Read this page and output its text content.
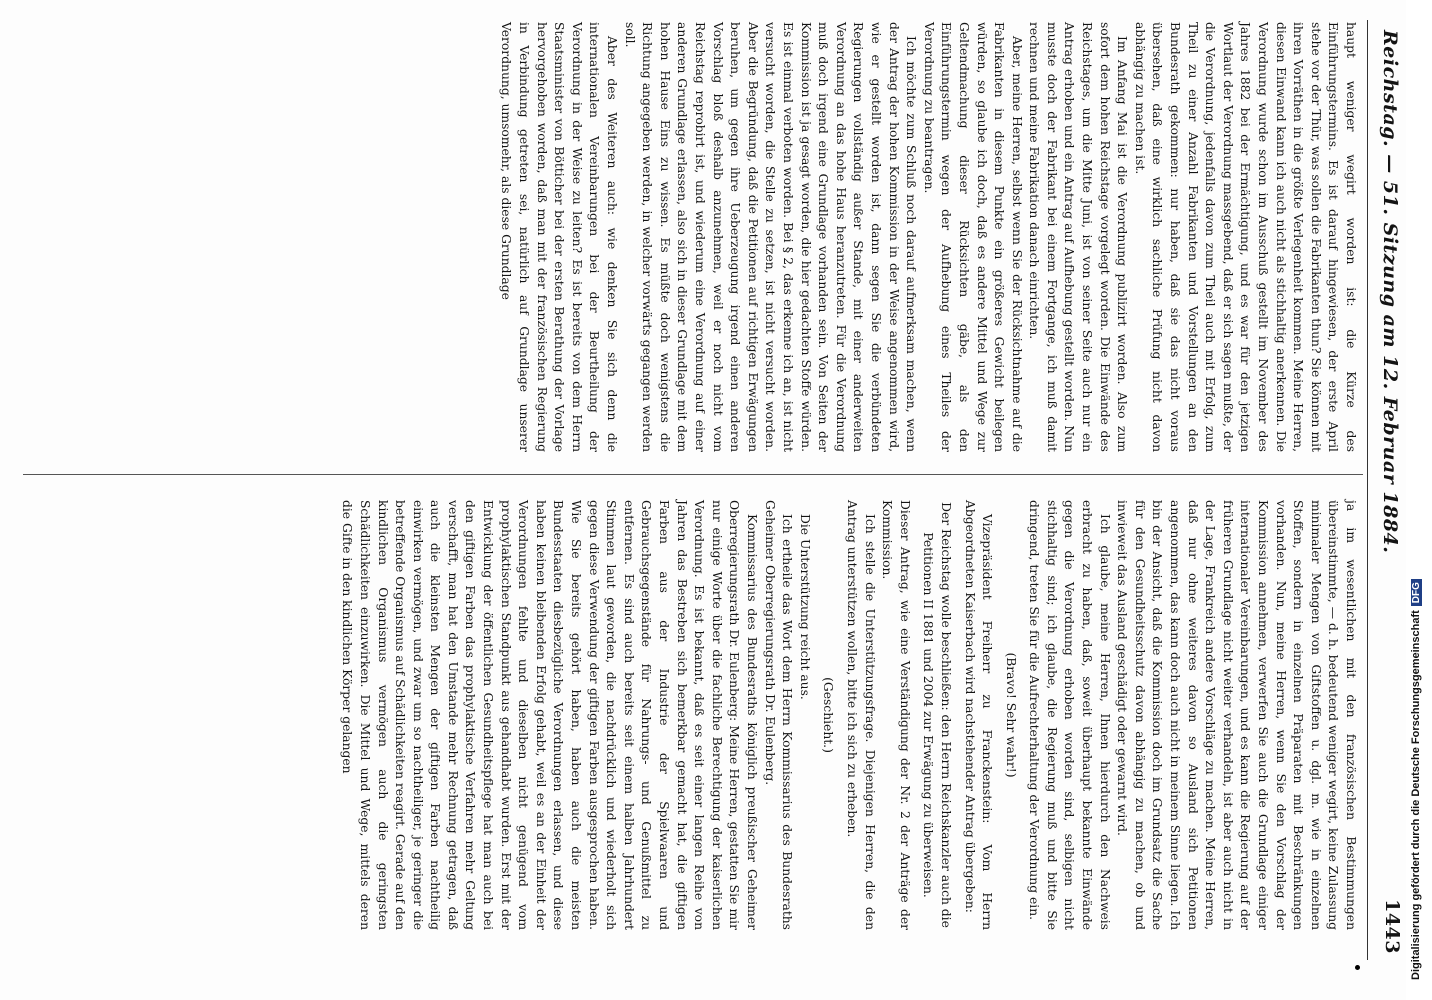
Reichstag. — 51. Sitzung am 12. Februar 1884.
1443

haupt weniger wegirt worden ist: die Kürze des Einführungstermins. Es ist darauf hingewiesen, der erste April stehe vor der Thür, was sollen die Fabrikanten thun? Sie können mit ihren Vorräthen in die größte Verlegenheit kommen. Meine Herren, diesen Einwand kann ich auch nicht als stichhaltig anerkennen. Die Verordnung wurde schon im Ausschuß gestellt im November des Jahres 1882 bei der Ermächtigung, und es war für den jetzigen Wortlaut der Verordnung massgebend, daß er sich sagen mußte, der die Verordnung, jedenfalls davon zum Theil auch mit Erfolg, zum Theil zu einer Anzahl Fabrikanten und Vorstellungen an den Bundesrath gekommen: nur haben, daß sie das nicht voraus übersehen, daß eine wirklich sachliche Prüfung nicht davon abhängig zu machen ist.

Im Anfang Mai ist die Verordnung publizirt worden. Also zum sofort dem hohen Reichstage vorgelegt worden. Die Einwände des Reichstages, um die Mitte Juni, ist von seiner Seite auch nur ein Antrag erhoben und ein Antrag auf Aufhebung gestellt worden. Nun musste doch der Fabrikant bei einem Fortgange, ich muß damit rechnen und meine Fabrikation danach einrichten.

Aber, meine Herren, selbst wenn Sie der Rücksichtnahme auf die Fabrikanten in diesem Punkte ein größeres Gewicht beilegen würden, so glaube ich doch, daß es andere Mittel und Wege zur Geltendmachung dieser Rücksichten gäbe, als den Einführungstermin wegen der Aufhebung eines Theiles der Verordnung zu beantragen.

Ich möchte zum Schluß noch darauf aufmerksam machen, wenn der Antrag der hohen Kommission in der Weise angenommen wird, wie er gestellt worden ist, dann segen Sie die verbündeten Regierungen vollständig außer Stande, mit einer anderweiten Verordnung an das hohe Haus heranzutreten. Für die Verordnung muß doch irgend eine Grundlage vorhanden sein. Von Seiten der Kommission ist ja gesagt worden, die hier gedachten Stoffe würden. Es ist einmal verboten worden. Bei § 2, das erkenne ich an, ist nicht versucht worden, die Stelle zu setzen, ist nicht versucht worden. Aber die Begründung, daß die Petitionen auf richtigen Erwägungen beruhen, um gegen ihre Ueberzeugung irgend einen anderen Vorschlag bloß deshalb anzunehmen, weil er noch nicht vom Reichstag reprobirt ist, und wiederum eine Verordnung auf einer anderen Grundlage erlassen, also sich in dieser Grundlage mit dem hohen Hause Eins zu wissen. Es müßte doch wenigstens die Richtung angegeben werden, in welcher vorwärts gegangen werden soll.

Aber des Weiteren auch: wie denken Sie sich denn die internationalen Vereinbarungen bei der Beurtheilung der Verordnung in der Weise zu leiten? Es ist bereits von dem Herrn Staatsminister von Bötticher bei der ersten Berathung der Vorlage hervorgehoben worden, daß man mit der französischen Regierung in Verbindung getreten sei, natürlich auf Grundlage unserer Verordnung, umsomehr, als diese Grundlage

ja im wesentlichen mit den französischen Bestimmungen übereinstimmte, — d. h. bedeutend weniger wegirt, keine Zulassung minimaler Mengen von Giftstoffen u. dgl. m. wie in einzelnen Stoffen, sondern in einzelnen Präparaten mit Beschränkungen vorhanden. Nun, meine Herren, wenn Sie den Vorschlag der Kommission annehmen, verwerfen Sie auch die Grundlage einiger internationaler Vereinbarungen, und es kann die Regierung auf der früheren Grundlage nicht weiter verhandeln, ist aber auch nicht in der Lage, Frankreich andere Vorschläge zu machen. Meine Herren, daß nur ohne weiteres davon so Ausland sich Petitionen angenommen, das kann doch auch nicht in meinem Sinne liegen. Ich bin der Ansicht, daß die Kommission doch im Grundsatz die Sache für den Gesundheitsschutz davon abhängig zu machen, ob und inwieweit das Ausland geschädigt oder gewarnt wird.

Ich glaube, meine Herren, Ihnen hierdurch den Nachweis erbracht zu haben, daß, soweit überhaupt bekannte Einwände gegen die Verordnung erhoben worden sind, selbigen nicht stichhaltig sind; ich glaube, die Regierung muß und bitte Sie dringend, treten Sie für die Aufrechterhaltung der Verordnung ein.

(Bravo! Sehr wahr!)

Vizepräsident Freiherr zu Franckenstein: Vom Herrn Abgeordneten Kaiserbach wird nachstehender Antrag übergeben:

Der Reichstag wolle beschließen: den Herrn Reichskanzler auch die Petitionen II 1881 und 2004 zur Erwägung zu überweisen.

Dieser Antrag, wie eine Verständigung der Nr. 2 der Anträge der Kommission.

Ich stelle die Unterstützungsfrage. Diejenigen Herren, die den Antrag unterstützen wollen, bitte ich sich zu erheben.

(Geschieht.)

Die Unterstützung reicht aus.

Ich ertheile das Wort dem Herrn Kommissarius des Bundesraths Geheimer Oberregierungsrath Dr. Eulenberg.

Kommissarius des Bundesraths königlich preußischer Geheimer Oberregierungsrath Dr. Eulenberg: Meine Herren, gestatten Sie mir nur einige Worte über die fachliche Berechtigung der kaiserlichen Verordnung. Es ist bekannt, daß es seit einer langen Reihe von Jahren das Bestreben sich bemerkbar gemacht hat, die giftigen Farben aus der Industrie der Spielwaaren und Gebrauchsgegenstände für Nahrungs- und Genußmittel zu entfernen. Es sind auch bereits seit einem halben Jahrhundert Stimmen laut geworden, die nachdrücklich und wiederholt sich gegen diese Verwendung der giftigen Farben ausgesprochen haben. Wie Sie bereits gehört haben, haben auch die meisten Bundesstaaten diesbezügliche Verordnungen erlassen, und diese haben keinen bleibenden Erfolg gehabt, weil es an der Einheit der Verordnungen fehlte und dieselben nicht genügend vom prophylaktischen Standpunkt aus gehandhabt wurden. Erst mit der Entwicklung der öffentlichen Gesundheitspflege hat man auch bei den giftigen Farben das prophylaktische Verfahren mehr Geltung verschafft, man hat den Umstande mehr Rechnung getragen, daß auch die kleinsten Mengen der giftigen Farben nachtheilig einwirken vermögen, und zwar um so nachtheiliger, je geringer die betreffende Organismus auf Schädlichkeiten reagirt. Gerade auf den kindlichen Organismus vermögen auch die geringsten Schädlichkeiten einzuwirken. Die Mittel und Wege, mittels deren die Gifte in den kindlichen Körper gelangen	Digitalisierung gefördert durch die Deutsche ForschungsgemeinschaftDFG
